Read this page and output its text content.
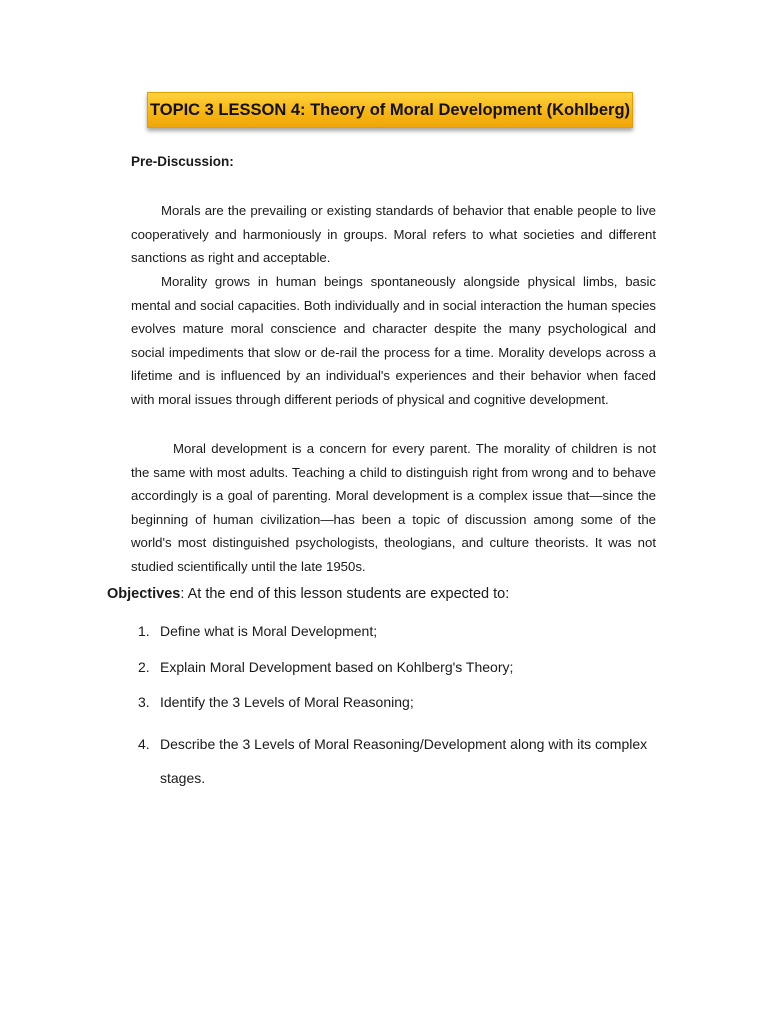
TOPIC 3 LESSON 4: Theory of Moral Development (Kohlberg)
Pre-Discussion:
Morals are the prevailing or existing standards of behavior that enable people to live cooperatively and harmoniously in groups. Moral refers to what societies and different sanctions as right and acceptable.
Morality grows in human beings spontaneously alongside physical limbs, basic mental and social capacities. Both individually and in social interaction the human species evolves mature moral conscience and character despite the many psychological and social impediments that slow or de-rail the process for a time. Morality develops across a lifetime and is influenced by an individual's experiences and their behavior when faced with moral issues through different periods of physical and cognitive development.
Moral development is a concern for every parent. The morality of children is not the same with most adults. Teaching a child to distinguish right from wrong and to behave accordingly is a goal of parenting. Moral development is a complex issue that—since the beginning of human civilization—has been a topic of discussion among some of the world's most distinguished psychologists, theologians, and culture theorists. It was not studied scientifically until the late 1950s.
Objectives: At the end of this lesson students are expected to:
1. Define what is Moral Development;
2. Explain Moral Development based on Kohlberg's Theory;
3. Identify the 3 Levels of Moral Reasoning;
4. Describe the 3 Levels of Moral Reasoning/Development along with its complex stages.
